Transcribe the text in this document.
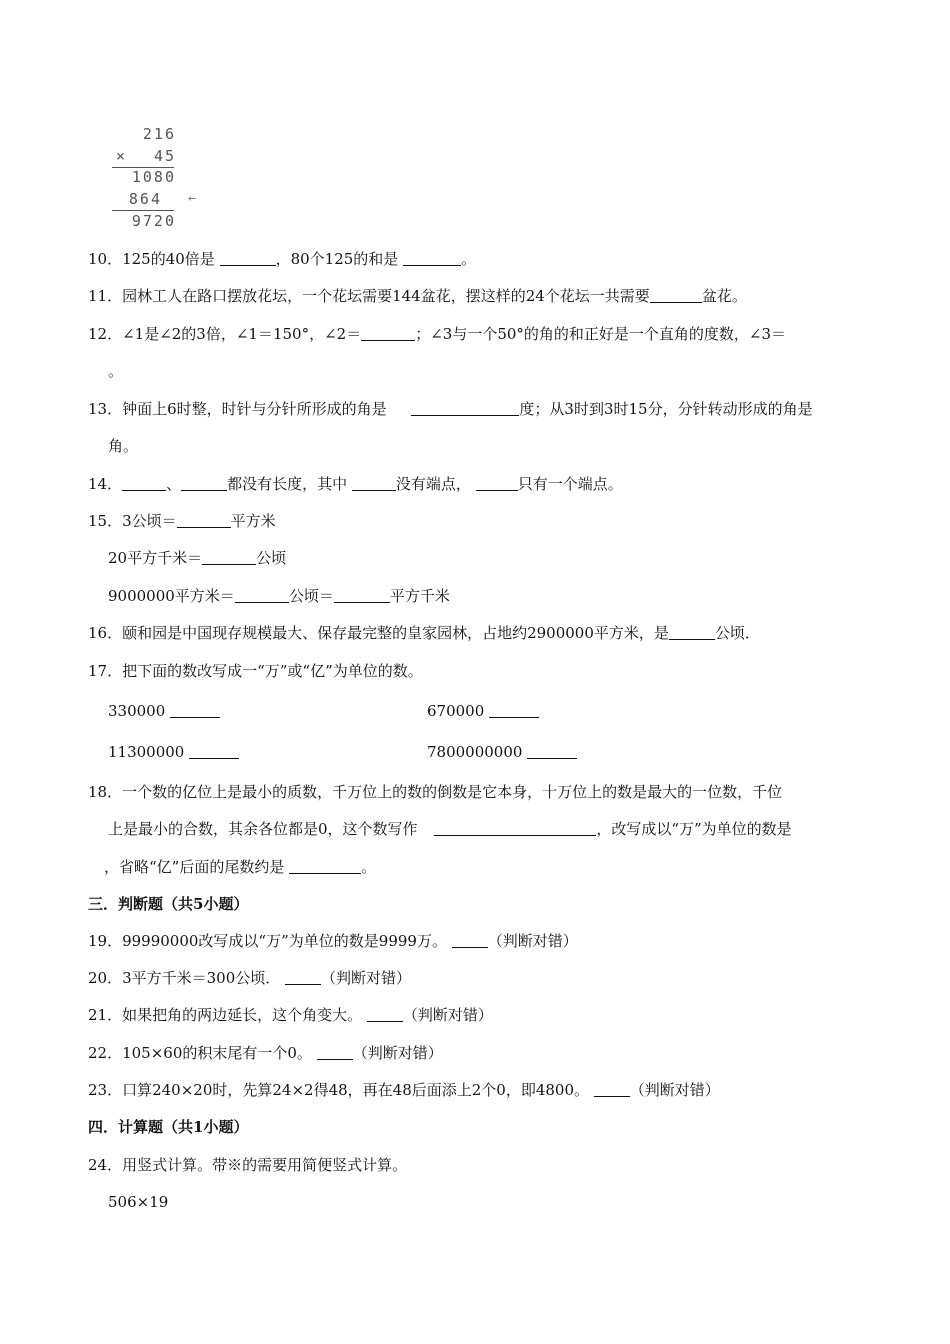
216
× 45
1080
864 ←
9720
10．125的40倍是	，80个125的和是	。
11．园林工人在路口摆放花坛，一个花坛需要144盆花，摆这样的24个花坛一共需要	盆花。
12．∠1是∠2的3倍，∠1＝150°，∠2＝	；∠3与一个50°的角的和正好是一个直角的度数，∠3＝
。
13．钟面上6时整，时针与分针所形成的角是	度；从3时到3时15分，分针转动形成的角是
角。
14．	、	都没有长度，其中	没有端点，	只有一个端点。
15．3公顷＝	平方米
20平方千米＝	公顷
9000000平方米＝	公顷＝	平方千米
16．颐和园是中国现存规模最大、保存最完整的皇家园林，占地约2900000平方米，是	公顷．
17．把下面的数改写成一“万”或“亿”为单位的数。
330000	670000
11300000	7800000000
18．一个数的亿位上是最小的质数，千万位上的数的倒数是它本身，十万位上的数是最大的一位数，千位
上是最小的合数，其余各位都是0，这个数写作	，改写成以“万”为单位的数是
，省略“亿”后面的尾数约是	。
三．判断题（共5小题）
19．99990000改写成以“万”为单位的数是9999万。	（判断对错）
20．3平方千米＝300公顷．	（判断对错）
21．如果把角的两边延长，这个角变大。	（判断对错）
22．105×60的积末尾有一个0。	（判断对错）
23．口算240×20时，先算24×2得48，再在48后面添上2个0，即4800。	（判断对错）
四．计算题（共1小题）
24．用竖式计算。带※的需要用简便竖式计算。
506×19
